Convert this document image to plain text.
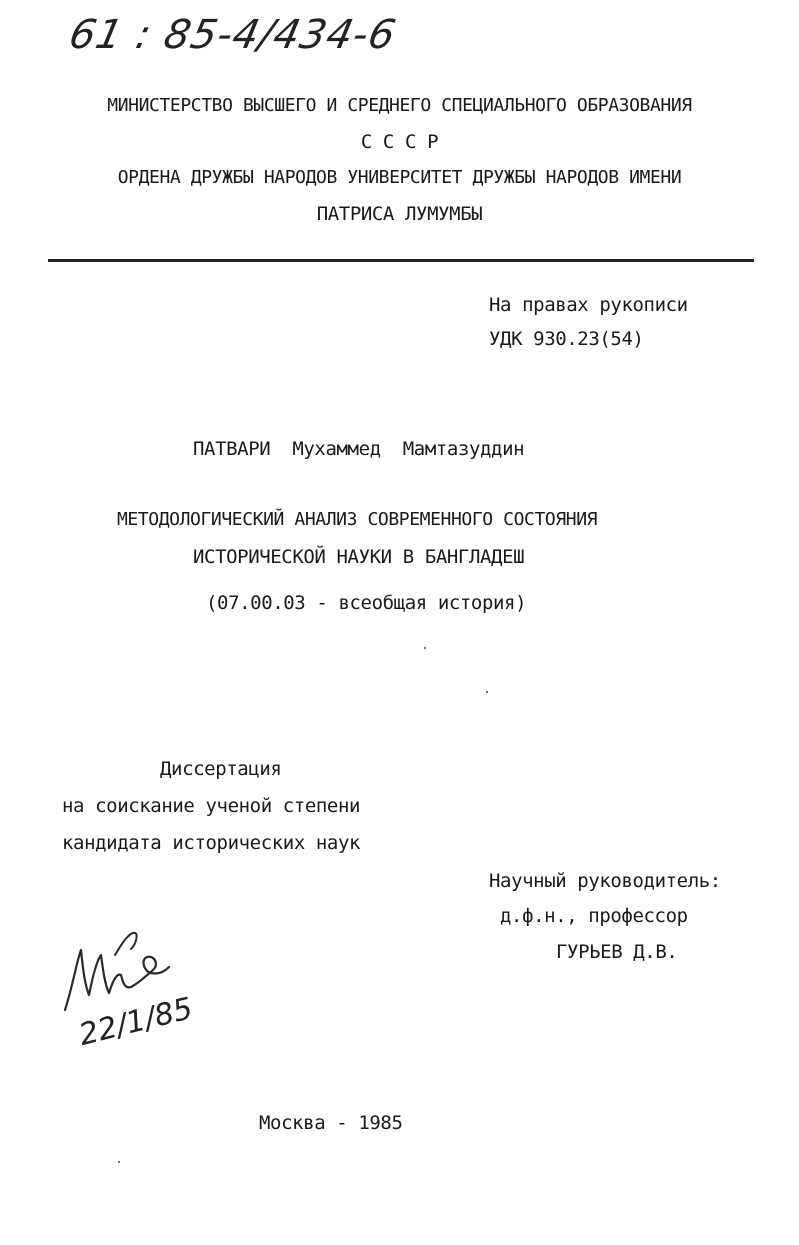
61 : 85-4/434-6
МИНИСТЕРСТВО ВЫСШЕГО И СРЕДНЕГО СПЕЦИАЛЬНОГО ОБРАЗОВАНИЯ
С С С Р
ОРДЕНА ДРУЖБЫ НАРОДОВ УНИВЕРСИТЕТ ДРУЖБЫ НАРОДОВ ИМЕНИ
ПАТРИСА ЛУМУМБЫ
На правах рукописи
УДК 930.23(54)
ПАТВАРИ  Мухаммед  Мамтазуддин
МЕТОДОЛОГИЧЕСКИЙ АНАЛИЗ СОВРЕМЕННОГО СОСТОЯНИЯ
ИСТОРИЧЕСКОЙ НАУКИ В БАНГЛАДЕШ
(07.00.03 - всеобщая история)
Диссертация
на соискание ученой степени
кандидата исторических наук
Научный руководитель:
д.ф.н., профессор
ГУРЬЕВ Д.В.
22/1/85
Москва - 1985
